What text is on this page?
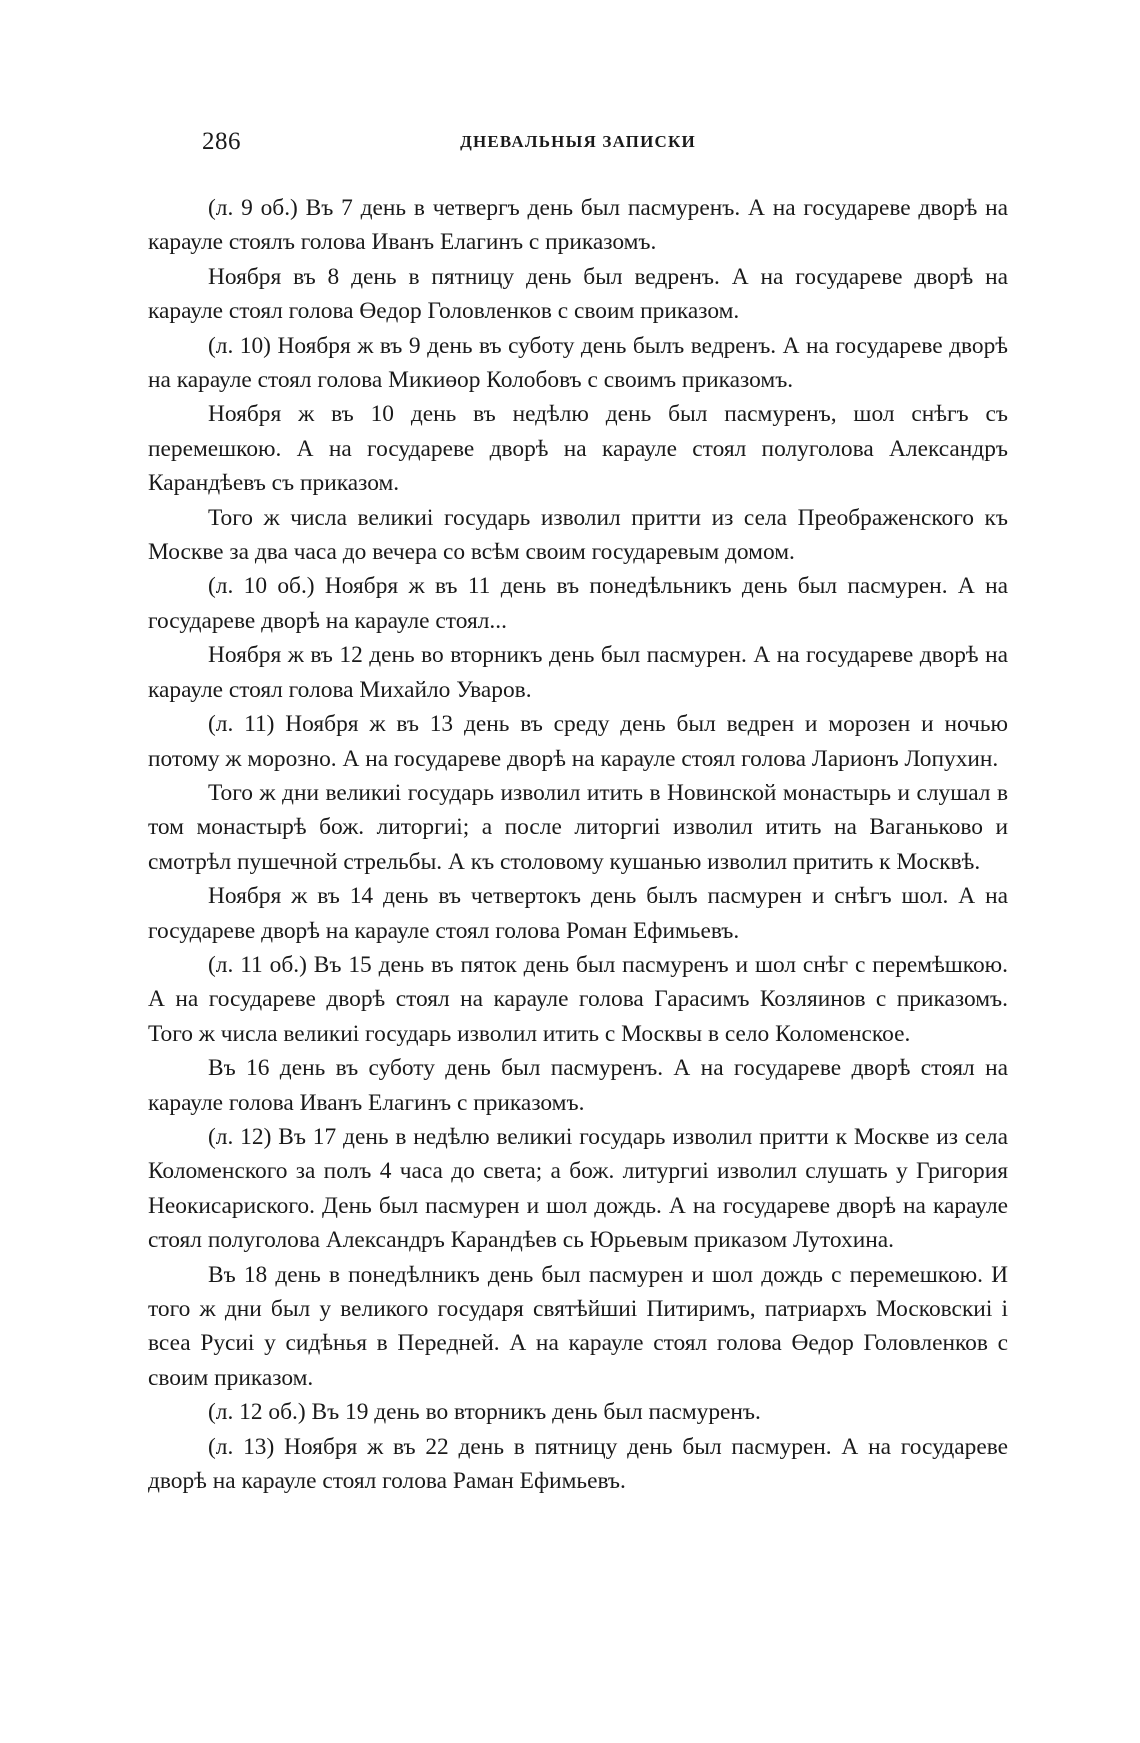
286	ДНЕВАЛЬНЫЯ ЗАПИСКИ

(л. 9 об.) Въ 7 день в четвергъ день был пасмуренъ. А на государеве дворѣ на карауле стоялъ голова Иванъ Елагинъ с приказомъ.

Ноября въ 8 день в пятницу день был ведренъ. А на государеве дворѣ на карауле стоял голова Өедор Головленков с своим приказом.

(л. 10) Ноября ж въ 9 день въ суботу день былъ ведренъ. А на государеве дворѣ на карауле стоял голова Микиөор Колобовъ с своимъ приказомъ.

Ноября ж въ 10 день въ недѣлю день был пасмуренъ, шол снѣгъ съ перемешкою. А на государеве дворѣ на карауле стоял полуголова Александръ Карандѣевъ съ приказом.

Того ж числа великиі государь изволил притти из села Преображенского къ Москве за два часа до вечера со всѣм своим государевым домом.

(л. 10 об.) Ноября ж въ 11 день въ понедѣльникъ день был пасмурен. А на государеве дворѣ на карауле стоял...

Ноября ж въ 12 день во вторникъ день был пасмурен. А на государеве дворѣ на карауле стоял голова Михайло Уваров.

(л. 11) Ноября ж въ 13 день въ среду день был ведрен и морозен и ночью потому ж морозно. А на государеве дворѣ на карауле стоял голова Ларионъ Лопухин.

Того ж дни великиі государь изволил итить в Новинской монастырь и слушал в том монастырѣ бож. литоргиі; а после литоргиі изволил итить на Ваганьково и смотрѣл пушечной стрельбы. А къ столовому кушанью изволил притить к Москвѣ.

Ноября ж въ 14 день въ четвертокъ день былъ пасмурен и снѣгъ шол. А на государеве дворѣ на карауле стоял голова Роман Ефимьевъ.

(л. 11 об.) Въ 15 день въ пяток день был пасмуренъ и шол снѣг с перемѣшкою. А на государеве дворѣ стоял на карауле голова Гарасимъ Козляинов с приказомъ. Того ж числа великиі государь изволил итить с Москвы в село Коломенское.

Въ 16 день въ суботу день был пасмуренъ. А на государеве дворѣ стоял на карауле голова Иванъ Елагинъ с приказомъ.

(л. 12) Въ 17 день в недѣлю великиі государь изволил притти к Москве из села Коломенского за полъ 4 часа до света; а бож. литургиі изволил слушать у Григория Неокисариского. День был пасмурен и шол дождь. А на государеве дворѣ на карауле стоял полуголова Александръ Карандѣев сь Юрьевым приказом Лутохина.

Въ 18 день в понедѣлникъ день был пасмурен и шол дождь с перемешкою. И того ж дни был у великого государя святѣйшиі Питиримъ, патриархъ Московскиі і всеа Русиі у сидѣнья в Передней. А на карауле стоял голова Өедор Головленков с своим приказом.

(л. 12 об.) Въ 19 день во вторникъ день был пасмуренъ.

(л. 13) Ноября ж въ 22 день в пятницу день был пасмурен. А на государеве дворѣ на карауле стоял голова Раман Ефимьевъ.
